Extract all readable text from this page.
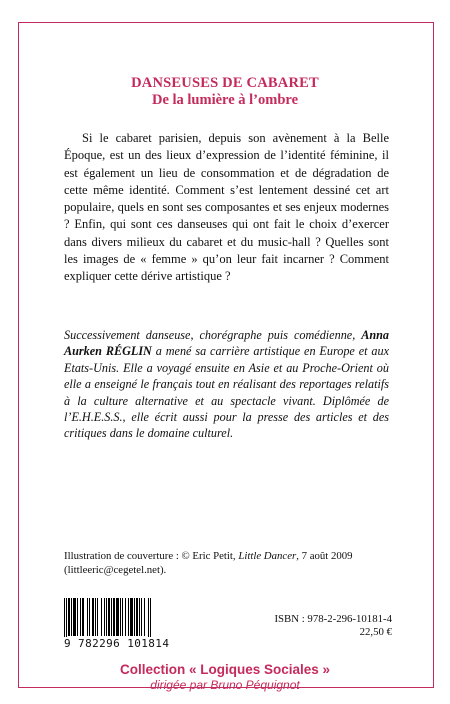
DANSEUSES DE CABARET
De la lumière à l’ombre

Si le cabaret parisien, depuis son avènement à la Belle Époque, est un des lieux d’expression de l’identité féminine, il est également un lieu de consommation et de dégradation de cette même identité. Comment s’est lentement dessiné cet art populaire, quels en sont ses composantes et ses enjeux modernes ? Enfin, qui sont ces danseuses qui ont fait le choix d’exercer dans divers milieux du cabaret et du music-hall ? Quelles sont les images de « femme » qu’on leur fait incarner ? Comment expliquer cette dérive artistique ?

Successivement danseuse, chorégraphe puis comédienne, Anna Aurken RÉGLIN a mené sa carrière artistique en Europe et aux Etats-Unis. Elle a voyagé ensuite en Asie et au Proche-Orient où elle a enseigné le français tout en réalisant des reportages relatifs à la culture alternative et au spectacle vivant. Diplômée de l’E.H.E.S.S., elle écrit aussi pour la presse des articles et des critiques dans le domaine culturel.

Illustration de couverture : © Eric Petit, Little Dancer, 7 août 2009 (littleeric@cegetel.net).

9 782296 101814
ISBN : 978-2-296-10181-4
22,50 €
Collection « Logiques Sociales »
dirigée par Bruno Péquignot
